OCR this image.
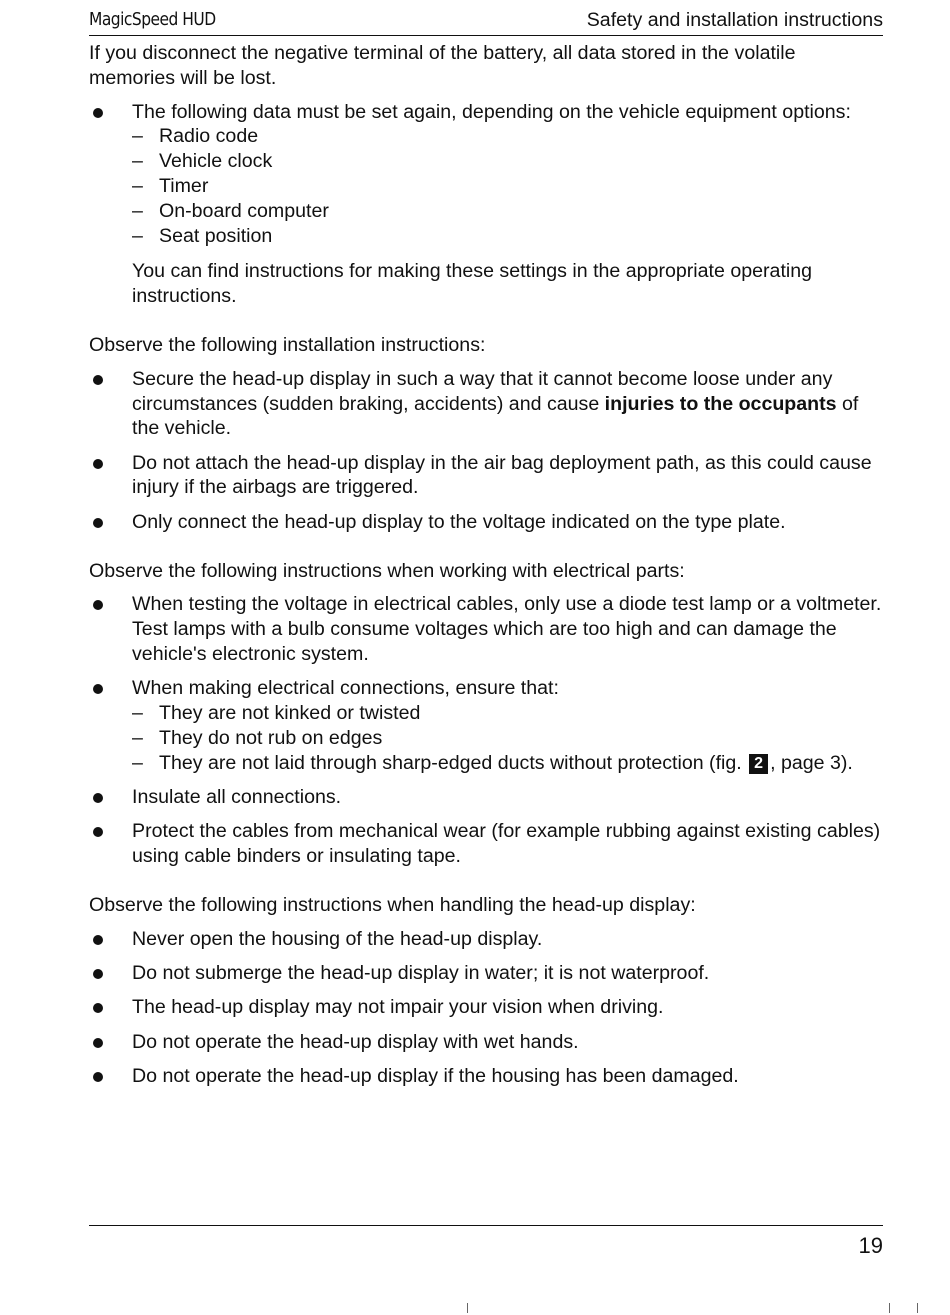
MagicSpeed HUD	Safety and installation instructions

If you disconnect the negative terminal of the battery, all data stored in the volatile memories will be lost.

The following data must be set again, depending on the vehicle equipment options:

– Radio code
– Vehicle clock
– Timer
– On-board computer
– Seat position

You can find instructions for making these settings in the appropriate operating instructions.

Observe the following installation instructions:

Secure the head-up display in such a way that it cannot become loose under any circumstances (sudden braking, accidents) and cause injuries to the occupants of the vehicle.

Do not attach the head-up display in the air bag deployment path, as this could cause injury if the airbags are triggered.

Only connect the head-up display to the voltage indicated on the type plate.

Observe the following instructions when working with electrical parts:

When testing the voltage in electrical cables, only use a diode test lamp or a voltmeter. Test lamps with a bulb consume voltages which are too high and can damage the vehicle's electronic system.

When making electrical connections, ensure that:

– They are not kinked or twisted
– They do not rub on edges
– They are not laid through sharp-edged ducts without protection (fig. 2 , page 3).

Insulate all connections.

Protect the cables from mechanical wear (for example rubbing against existing cables) using cable binders or insulating tape.

Observe the following instructions when handling the head-up display:

Never open the housing of the head-up display.

Do not submerge the head-up display in water; it is not waterproof.

The head-up display may not impair your vision when driving.

Do not operate the head-up display with wet hands.

Do not operate the head-up display if the housing has been damaged.

19
